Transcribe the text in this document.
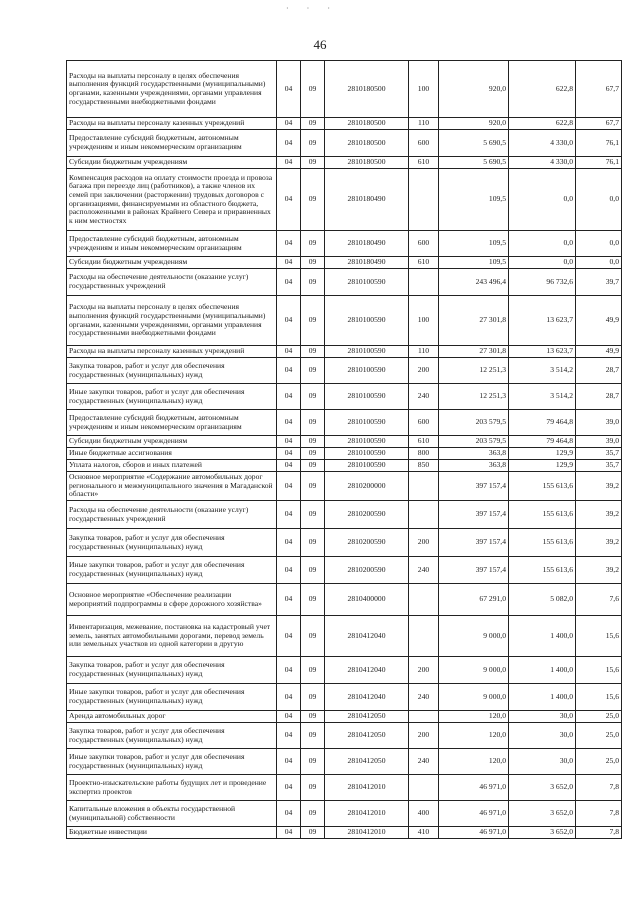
· · ·
46
Расходы на выплаты персоналу в целях обеспечения выполнения функций государственными (муниципальными) органами, казенными учреждениями, органами управления государственными внебюджетными фондами	04	09	2810180500	100	920,0	622,8	67,7
Расходы на выплаты персоналу казенных учреждений	04	09	2810180500	110	920,0	622,8	67,7
Предоставление субсидий бюджетным, автономным учреждениям и иным некоммерческим организациям	04	09	2810180500	600	5 690,5	4 330,0	76,1
Субсидии бюджетным учреждениям	04	09	2810180500	610	5 690,5	4 330,0	76,1
Компенсация расходов на оплату стоимости проезда и провоза багажа при переезде лиц (работников), а также членов их семей при заключении (расторжении) трудовых договоров с организациями, финансируемыми из областного бюджета, расположенными в районах Крайнего Севера и приравненных к ним местностях	04	09	2810180490		109,5	0,0	0,0
Предоставление субсидий бюджетным, автономным учреждениям и иным некоммерческим организациям	04	09	2810180490	600	109,5	0,0	0,0
Субсидии бюджетным учреждениям	04	09	2810180490	610	109,5	0,0	0,0
Расходы на обеспечение деятельности (оказание услуг) государственных учреждений	04	09	2810100590		243 496,4	96 732,6	39,7
Расходы на выплаты персоналу в целях обеспечения выполнения функций государственными (муниципальными) органами, казенными учреждениями, органами управления государственными внебюджетными фондами	04	09	2810100590	100	27 301,8	13 623,7	49,9
Расходы на выплаты персоналу казенных учреждений	04	09	2810100590	110	27 301,8	13 623,7	49,9
Закупка товаров, работ и услуг для обеспечения государственных (муниципальных) нужд	04	09	2810100590	200	12 251,3	3 514,2	28,7
Иные закупки товаров, работ и услуг для обеспечения государственных (муниципальных) нужд	04	09	2810100590	240	12 251,3	3 514,2	28,7
Предоставление субсидий бюджетным, автономным учреждениям и иным некоммерческим организациям	04	09	2810100590	600	203 579,5	79 464,8	39,0
Субсидии бюджетным учреждениям	04	09	2810100590	610	203 579,5	79 464,8	39,0
Иные бюджетные ассигнования	04	09	2810100590	800	363,8	129,9	35,7
Уплата налогов, сборов и иных платежей	04	09	2810100590	850	363,8	129,9	35,7
Основное мероприятие «Содержание автомобильных дорог регионального и межмуниципального значения в Магаданской области»	04	09	2810200000		397 157,4	155 613,6	39,2
Расходы на обеспечение деятельности (оказание услуг) государственных учреждений	04	09	2810200590		397 157,4	155 613,6	39,2
Закупка товаров, работ и услуг для обеспечения государственных (муниципальных) нужд	04	09	2810200590	200	397 157,4	155 613,6	39,2
Иные закупки товаров, работ и услуг для обеспечения государственных (муниципальных) нужд	04	09	2810200590	240	397 157,4	155 613,6	39,2
Основное мероприятие «Обеспечение реализации мероприятий подпрограммы в сфере дорожного хозяйства»	04	09	2810400000		67 291,0	5 082,0	7,6
Инвентаризация, межевание, постановка на кадастровый учет земель, занятых автомобильными дорогами, перевод земель или земельных участков из одной категории в другую	04	09	2810412040		9 000,0	1 400,0	15,6
Закупка товаров, работ и услуг для обеспечения государственных (муниципальных) нужд	04	09	2810412040	200	9 000,0	1 400,0	15,6
Иные закупки товаров, работ и услуг для обеспечения государственных (муниципальных) нужд	04	09	2810412040	240	9 000,0	1 400,0	15,6
Аренда автомобильных дорог	04	09	2810412050		120,0	30,0	25,0
Закупка товаров, работ и услуг для обеспечения государственных (муниципальных) нужд	04	09	2810412050	200	120,0	30,0	25,0
Иные закупки товаров, работ и услуг для обеспечения государственных (муниципальных) нужд	04	09	2810412050	240	120,0	30,0	25,0
Проектно-изыскательские работы будущих лет и проведение экспертиз проектов	04	09	2810412010		46 971,0	3 652,0	7,8
Капитальные вложения в объекты государственной (муниципальной) собственности	04	09	2810412010	400	46 971,0	3 652,0	7,8
Бюджетные инвестиции	04	09	2810412010	410	46 971,0	3 652,0	7,8
